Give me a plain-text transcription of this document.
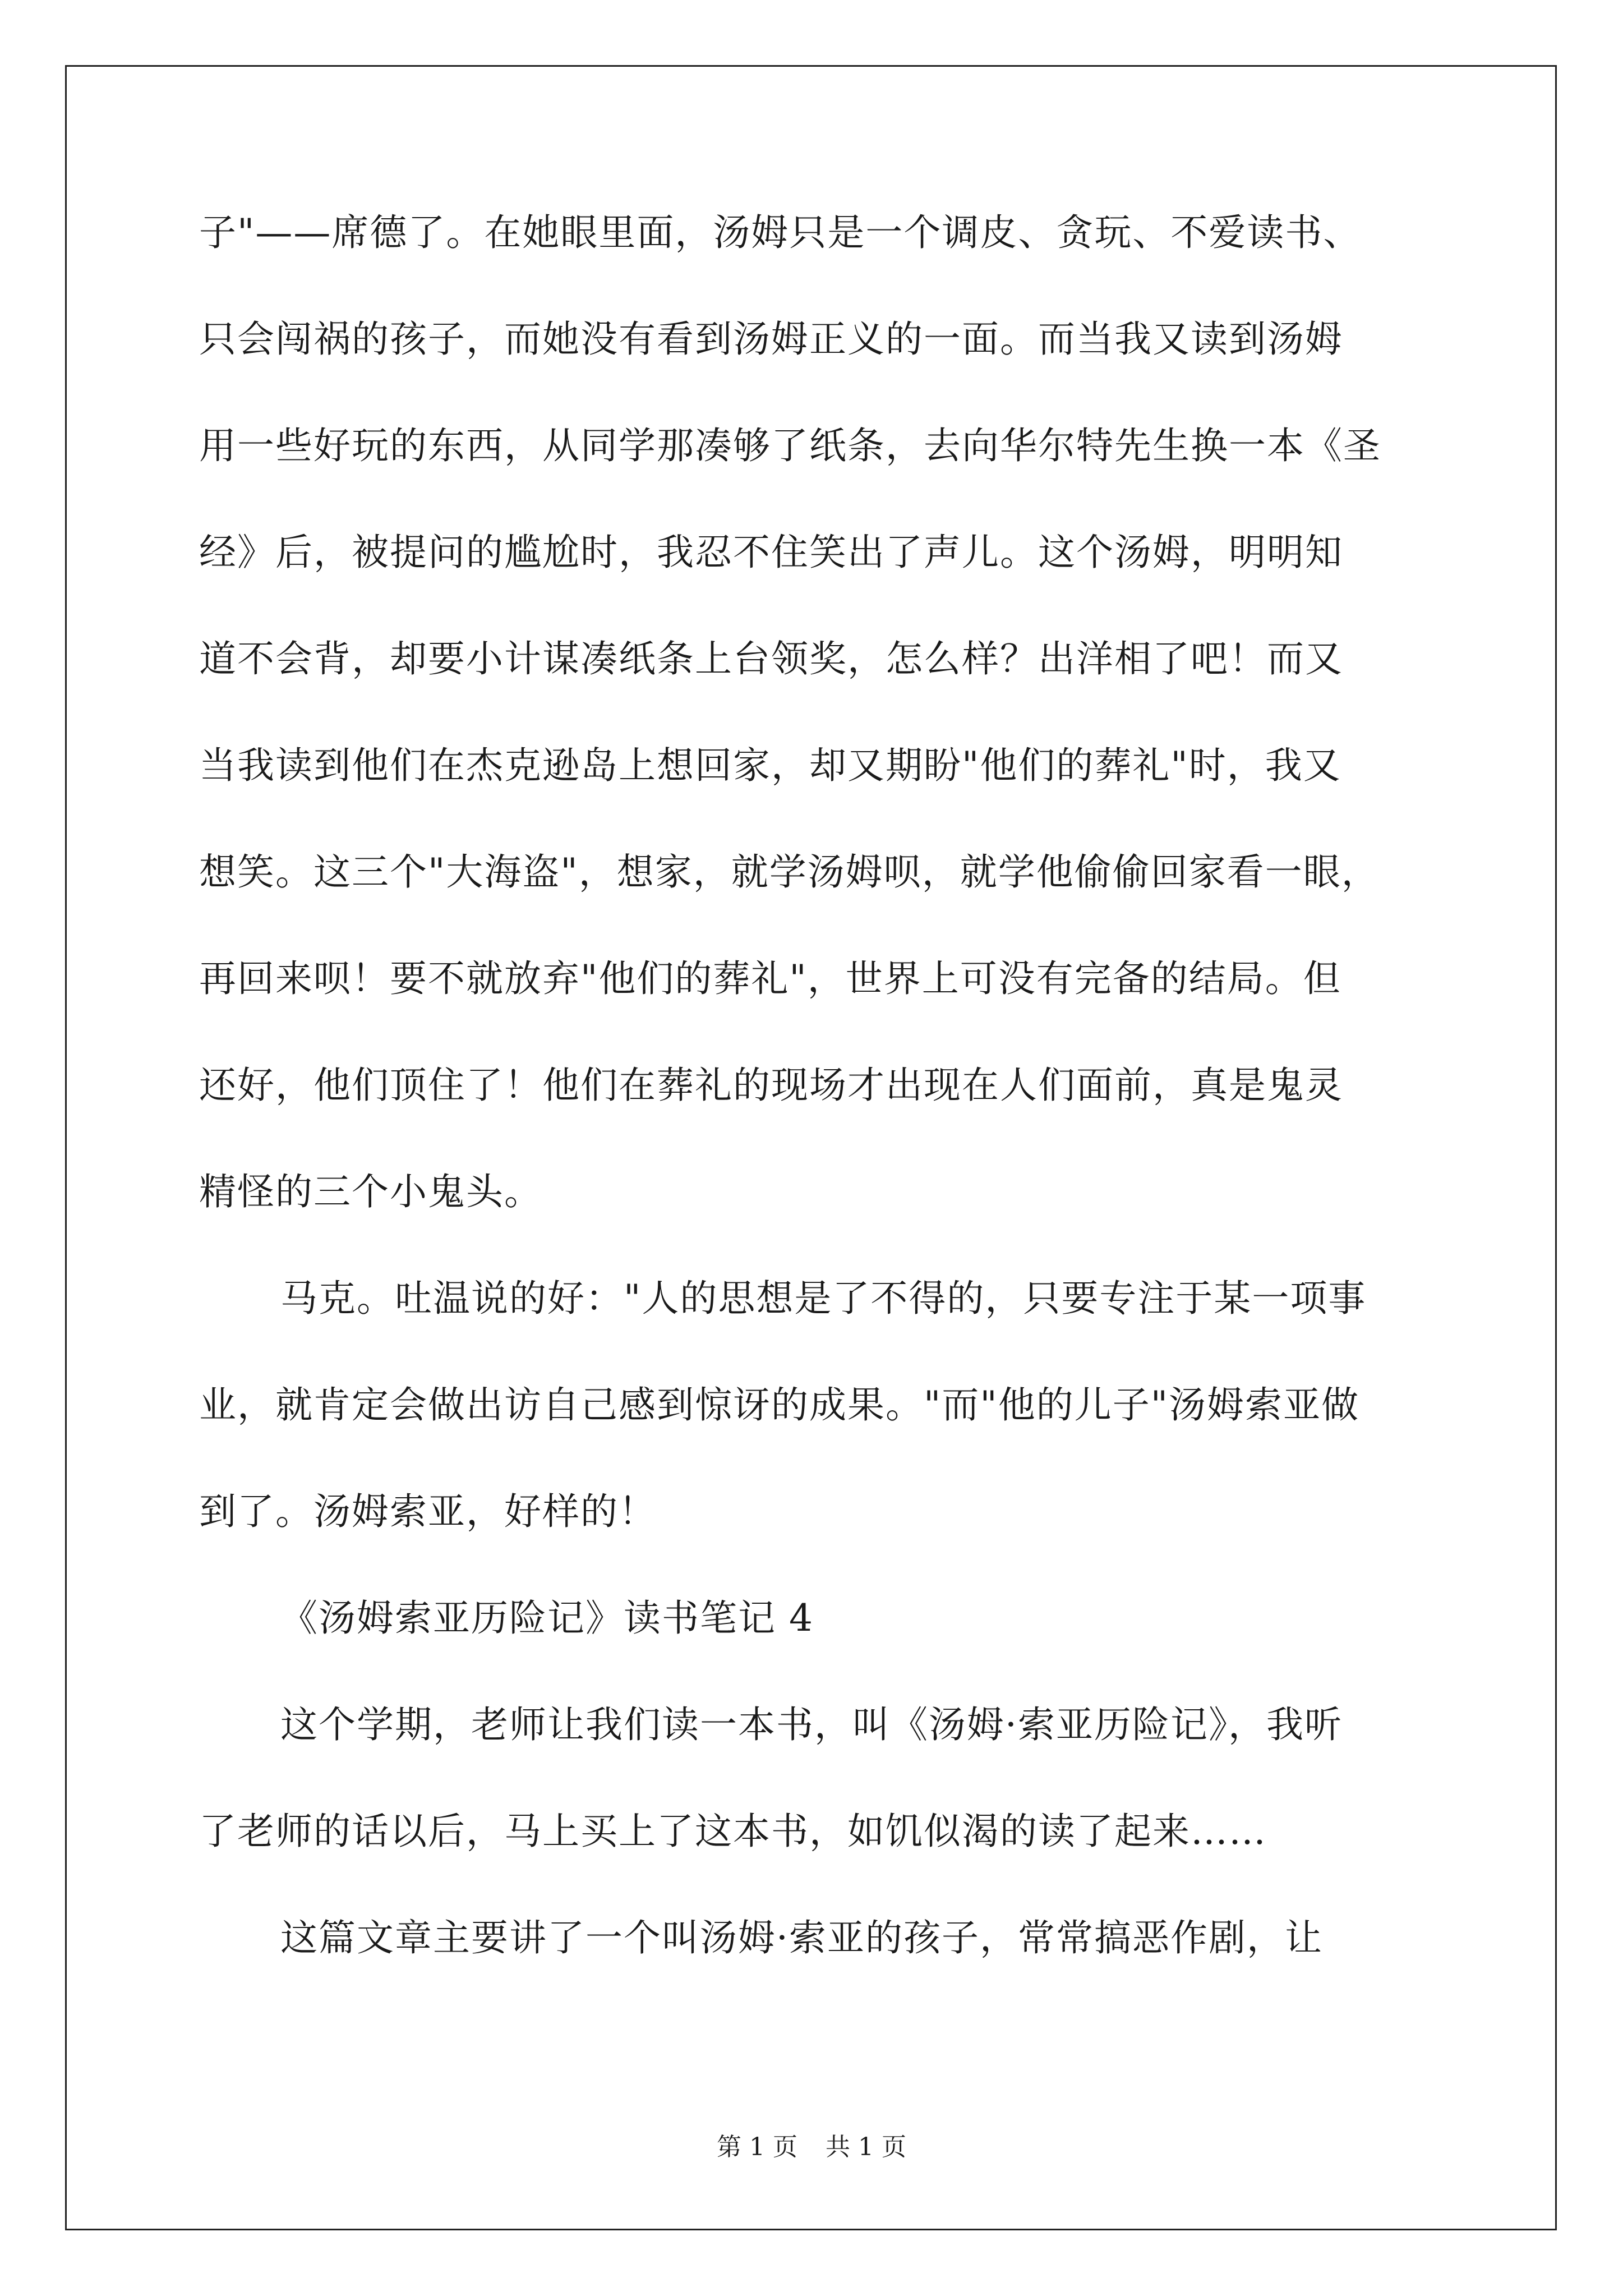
子"——席德了。在她眼里面，汤姆只是一个调皮、贪玩、不爱读书、
只会闯祸的孩子，而她没有看到汤姆正义的一面。而当我又读到汤姆
用一些好玩的东西，从同学那凑够了纸条，去向华尔特先生换一本《圣
经》后，被提问的尴尬时，我忍不住笑出了声儿。这个汤姆，明明知
道不会背，却要小计谋凑纸条上台领奖，怎么样？出洋相了吧！而又
当我读到他们在杰克逊岛上想回家，却又期盼"他们的葬礼"时，我又
想笑。这三个"大海盗"，想家，就学汤姆呗，就学他偷偷回家看一眼，
再回来呗！要不就放弃"他们的葬礼"，世界上可没有完备的结局。但
还好，他们顶住了！他们在葬礼的现场才出现在人们面前，真是鬼灵
精怪的三个小鬼头。
马克。吐温说的好："人的思想是了不得的，只要专注于某一项事
业，就肯定会做出访自己感到惊讶的成果。"而"他的儿子"汤姆索亚做
到了。汤姆索亚，好样的！
《汤姆索亚历险记》读书笔记 4
这个学期，老师让我们读一本书，叫《汤姆·索亚历险记》，我听
了老师的话以后，马上买上了这本书，如饥似渴的读了起来……
这篇文章主要讲了一个叫汤姆·索亚的孩子，常常搞恶作剧，让
第 1 页 共 1 页
